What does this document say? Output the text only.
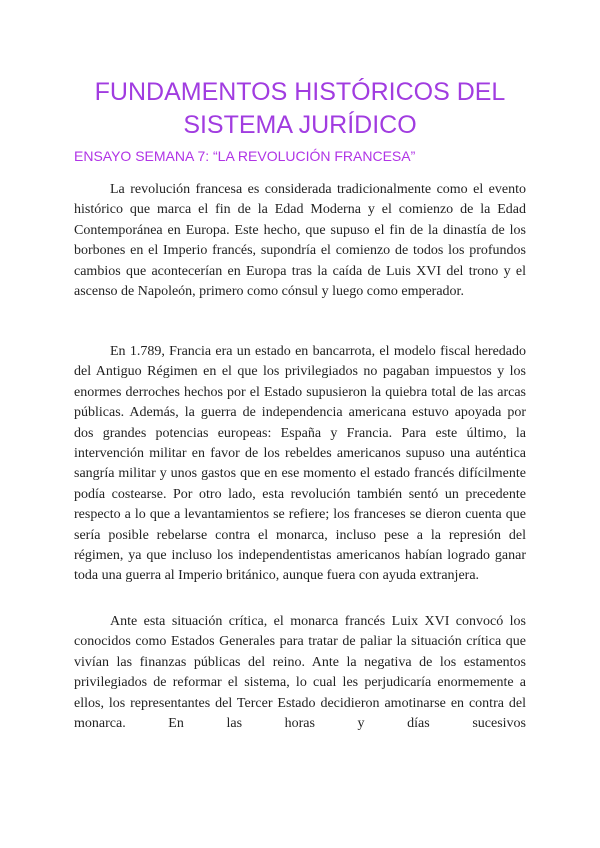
FUNDAMENTOS HISTÓRICOS DEL SISTEMA JURÍDICO

ENSAYO SEMANA 7: “LA REVOLUCIÓN FRANCESA”

La revolución francesa es considerada tradicionalmente como el evento histórico que marca el fin de la Edad Moderna y el comienzo de la Edad Contemporánea en Europa. Este hecho, que supuso el fin de la dinastía de los borbones en el Imperio francés, supondría el comienzo de todos los profundos cambios que acontecerían en Europa tras la caída de Luis XVI del trono y el ascenso de Napoleón, primero como cónsul y luego como emperador.

En 1.789, Francia era un estado en bancarrota, el modelo fiscal heredado del Antiguo Régimen en el que los privilegiados no pagaban impuestos y los enormes derroches hechos por el Estado supusieron la quiebra total de las arcas públicas. Además, la guerra de independencia americana estuvo apoyada por dos grandes potencias europeas: España y Francia. Para este último, la intervención militar en favor de los rebeldes americanos supuso una auténtica sangría militar y unos gastos que en ese momento el estado francés difícilmente podía costearse. Por otro lado, esta revolución también sentó un precedente respecto a lo que a levantamientos se refiere; los franceses se dieron cuenta que sería posible rebelarse contra el monarca, incluso pese a la represión del régimen, ya que incluso los independentistas americanos habían logrado ganar toda una guerra al Imperio británico, aunque fuera con ayuda extranjera.

Ante esta situación crítica, el monarca francés Luix XVI convocó los conocidos como Estados Generales para tratar de paliar la situación crítica que vivían las finanzas públicas del reino. Ante la negativa de los estamentos privilegiados de reformar el sistema, lo cual les perjudicaría enormemente a ellos, los representantes del Tercer Estado decidieron amotinarse en contra del monarca. En las horas y días sucesivos
